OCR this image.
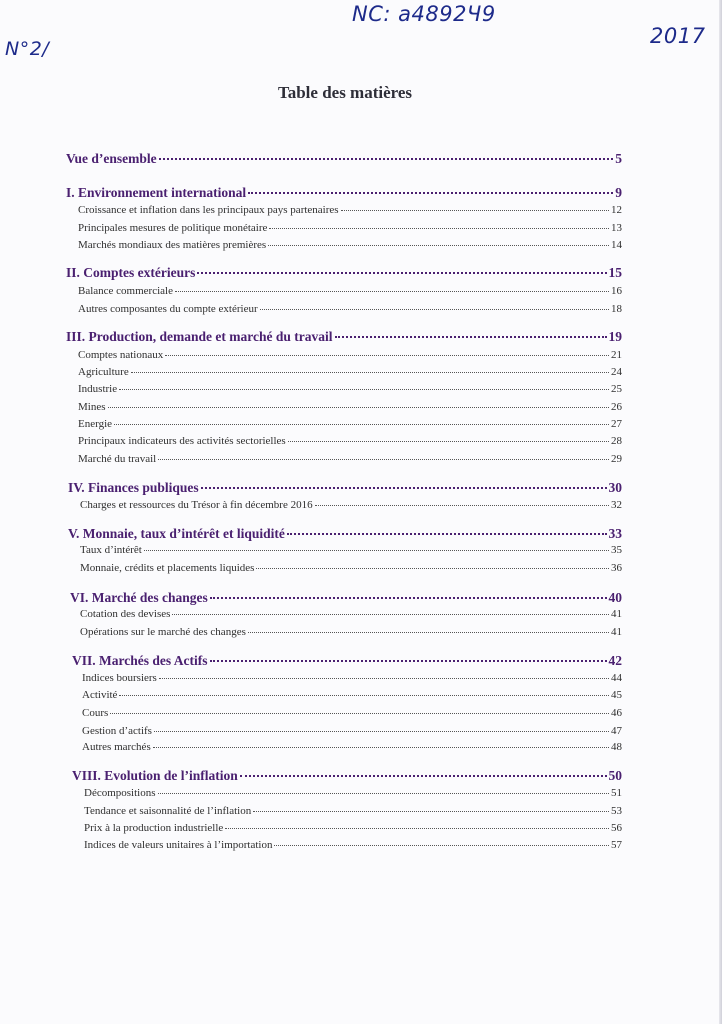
NC: a4892Ч9
N°2/
2017
Table des matières
Vue d’ensemble	5
I. Environnement international	9
Croissance et inflation dans les principaux pays partenaires	12
Principales mesures de politique monétaire	13
Marchés mondiaux des matières premières	14
II. Comptes extérieurs	15
Balance commerciale	16
Autres composantes du compte extérieur	18
III. Production, demande et marché du travail	19
Comptes nationaux	21
Agriculture	24
Industrie	25
Mines	26
Energie	27
Principaux indicateurs des activités sectorielles	28
Marché du travail	29
IV. Finances publiques	30
Charges et ressources du Trésor à fin décembre 2016	32
V. Monnaie, taux d’intérêt et liquidité	33
Taux d’intérêt	35
Monnaie, crédits et placements liquides	36
VI. Marché des changes	40
Cotation des devises	41
Opérations sur le marché des changes	41
VII. Marchés des Actifs	42
Indices boursiers	44
Activité	45
Cours	46
Gestion d’actifs	47
Autres marchés	48
VIII. Evolution de l’inflation	50
Décompositions	51
Tendance et saisonnalité de l’inflation	53
Prix à la production industrielle	56
Indices de valeurs unitaires à l’importation	57
